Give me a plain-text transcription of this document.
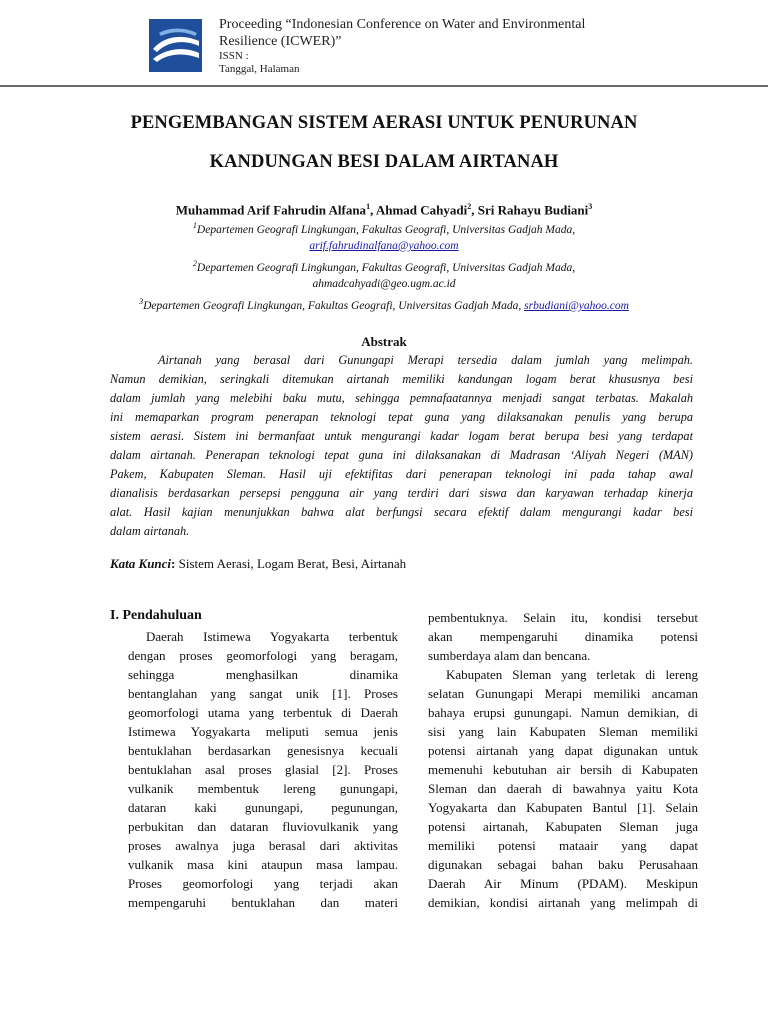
Proceeding “Indonesian Conference on Water and Environmental
Resilience (ICWER)”
ISSN :
Tanggal, Halaman
PENGEMBANGAN SISTEM AERASI UNTUK PENURUNAN
KANDUNGAN BESI DALAM AIRTANAH
Muhammad Arif Fahrudin Alfana$^1$, Ahmad Cahyadi$^2$, Sri Rahayu Budiani$^3$
$^1$Departemen Geografi Lingkungan, Fakultas Geografi, Universitas Gadjah Mada,
arif.fahrudinalfana@yahoo.com
$^2$Departemen Geografi Lingkungan, Fakultas Geografi, Universitas Gadjah Mada,
ahmadcahyadi@geo.ugm.ac.id
$^3$Departemen Geografi Lingkungan, Fakultas Geografi, Universitas Gadjah Mada, srbudiani@yahoo.com
Abstrak
Airtanah yang berasal dari Gunungapi Merapi tersedia dalam jumlah yang melimpah.
Namun demikian, seringkali ditemukan airtanah memiliki kandungan logam berat khususnya besi
dalam jumlah yang melebihi baku mutu, sehingga pemnafaatannya menjadi sangat terbatas. Makalah
ini memaparkan program penerapan teknologi tepat guna yang dilaksanakan penulis yang berupa
sistem aerasi. Sistem ini bermanfaat untuk mengurangi kadar logam berat berupa besi yang terdapat
dalam airtanah. Penerapan teknologi tepat guna ini dilaksanakan di Madrasan ‘Aliyah Negeri (MAN)
Pakem, Kabupaten Sleman. Hasil uji efektifitas dari penerapan teknologi ini pada tahap awal
dianalisis berdasarkan persepsi pengguna air yang terdiri dari siswa dan karyawan terhadap kinerja
alat. Hasil kajian menunjukkan bahwa alat berfungsi secara efektif dalam mengurangi kadar besi
dalam airtanah.
Kata Kunci: Sistem Aerasi, Logam Berat, Besi, Airtanah
I. Pendahuluan
Daerah Istimewa Yogyakarta terbentuk
dengan proses geomorfologi yang beragam,
sehingga menghasilkan dinamika
bentanglahan yang sangat unik [1]. Proses
geomorfologi utama yang terbentuk di Daerah
Istimewa Yogyakarta meliputi semua jenis
bentuklahan berdasarkan genesisnya kecuali
bentuklahan asal proses glasial [2]. Proses
vulkanik membentuk lereng gunungapi,
dataran kaki gunungapi, pegunungan,
perbukitan dan dataran fluviovulkanik yang
proses awalnya juga berasal dari aktivitas
vulkanik masa kini ataupun masa lampau.
Proses geomorfologi yang terjadi akan
mempengaruhi bentuklahan dan materi
pembentuknya. Selain itu, kondisi tersebut
akan mempengaruhi dinamika potensi
sumberdaya alam dan bencana.
Kabupaten Sleman yang terletak di lereng
selatan Gunungapi Merapi memiliki ancaman
bahaya erupsi gunungapi. Namun demikian, di
sisi yang lain Kabupaten Sleman memiliki
potensi airtanah yang dapat digunakan untuk
memenuhi kebutuhan air bersih di Kabupaten
Sleman dan daerah di bawahnya yaitu Kota
Yogyakarta dan Kabupaten Bantul [1]. Selain
potensi airtanah, Kabupaten Sleman juga
memiliki potensi mataair yang dapat
digunakan sebagai bahan baku Perusahaan
Daerah Air Minum (PDAM). Meskipun
demikian, kondisi airtanah yang melimpah di
